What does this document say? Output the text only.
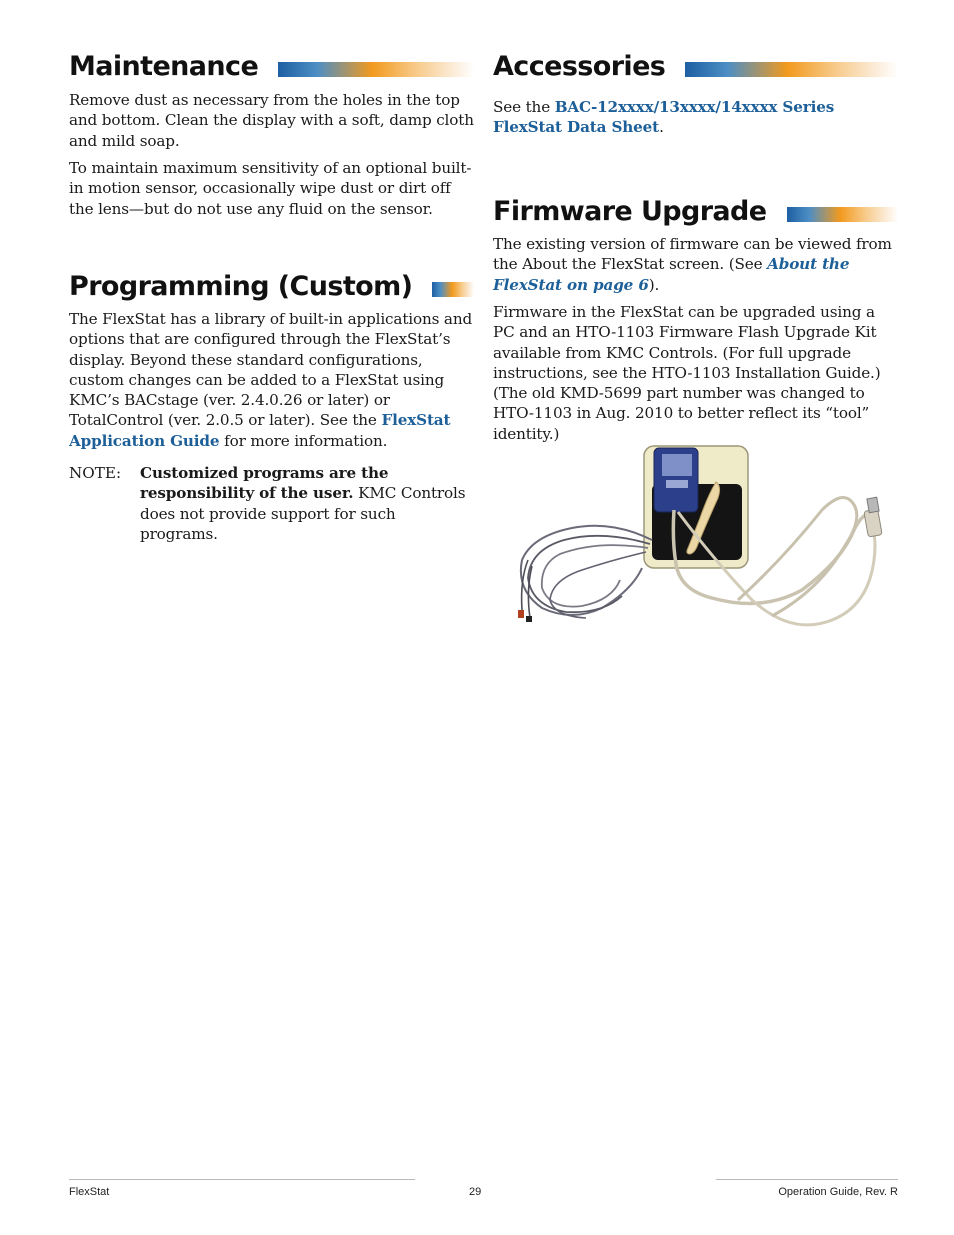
Maintenance

Remove dust as necessary from the holes in the top and bottom. Clean the display with a soft, damp cloth and mild soap.

To maintain maximum sensitivity of an optional built-in motion sensor, occasionally wipe dust or dirt off the lens—but do not use any fluid on the sensor.

Programming (Custom)

The FlexStat has a library of built-in applications and options that are configured through the FlexStat’s display. Beyond these standard configurations, custom changes can be added to a FlexStat using KMC’s BACstage (ver. 2.4.0.26 or later) or TotalControl (ver. 2.0.5 or later). See the FlexStat Application Guide for more information.

NOTE: Customized programs are the responsibility of the user. KMC Controls does not provide support for such programs.
Accessories

See the BAC-12xxxx/13xxxx/14xxxx Series FlexStat Data Sheet.

Firmware Upgrade

The existing version of firmware can be viewed from the About the FlexStat screen. (See About the FlexStat on page 6).

Firmware in the FlexStat can be upgraded using a PC and an HTO-1103 Firmware Flash Upgrade Kit available from KMC Controls. (For full upgrade instructions, see the HTO-1103 Installation Guide.) (The old KMD-5699 part number was changed to HTO-1103 in Aug. 2010 to better reflect its “tool” identity.)

FlexStat	29	Operation Guide, Rev. R
